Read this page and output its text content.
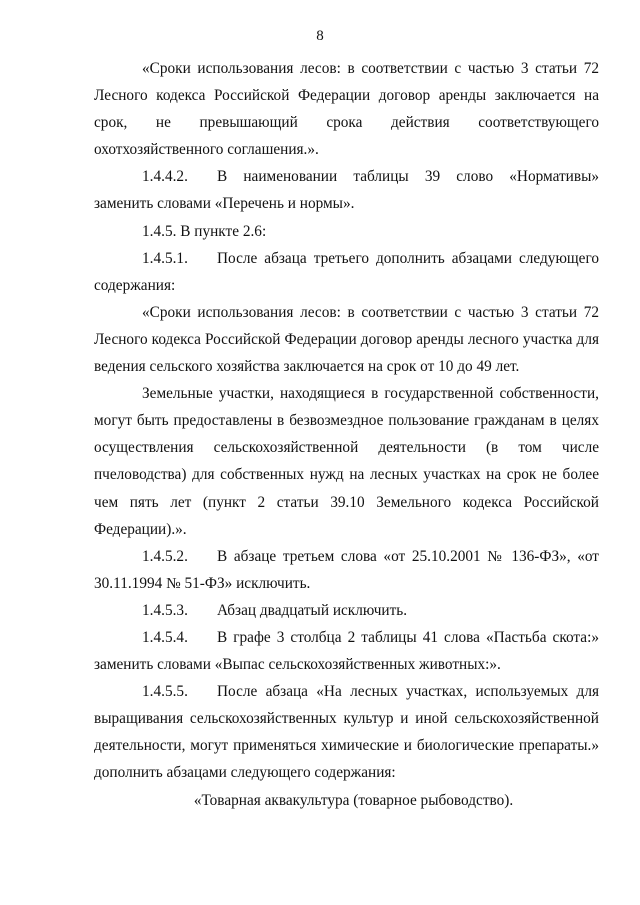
8

«Сроки использования лесов: в соответствии с частью 3 статьи 72 Лесного кодекса Российской Федерации договор аренды заключается на срок, не превышающий срока действия соответствующего охотхозяйственного соглашения.».

1.4.4.2. В наименовании таблицы 39 слово «Нормативы» заменить словами «Перечень и нормы».

1.4.5. В пункте 2.6:

1.4.5.1. После абзаца третьего дополнить абзацами следующего содержания:

«Сроки использования лесов: в соответствии с частью 3 статьи 72 Лесного кодекса Российской Федерации договор аренды лесного участка для ведения сельского хозяйства заключается на срок от 10 до 49 лет.

Земельные участки, находящиеся в государственной собственности, могут быть предоставлены в безвозмездное пользование гражданам в целях осуществления сельскохозяйственной деятельности (в том числе пчеловодства) для собственных нужд на лесных участках на срок не более чем пять лет (пункт 2 статьи 39.10 Земельного кодекса Российской Федерации).».

1.4.5.2. В абзаце третьем слова «от 25.10.2001 № 136-ФЗ», «от 30.11.1994 № 51-ФЗ» исключить.

1.4.5.3. Абзац двадцатый исключить.

1.4.5.4. В графе 3 столбца 2 таблицы 41 слова «Пастьба скота:» заменить словами «Выпас сельскохозяйственных животных:».

1.4.5.5. После абзаца «На лесных участках, используемых для выращивания сельскохозяйственных культур и иной сельскохозяйственной деятельности, могут применяться химические и биологические препараты.» дополнить абзацами следующего содержания:

«Товарная аквакультура (товарное рыбоводство).
